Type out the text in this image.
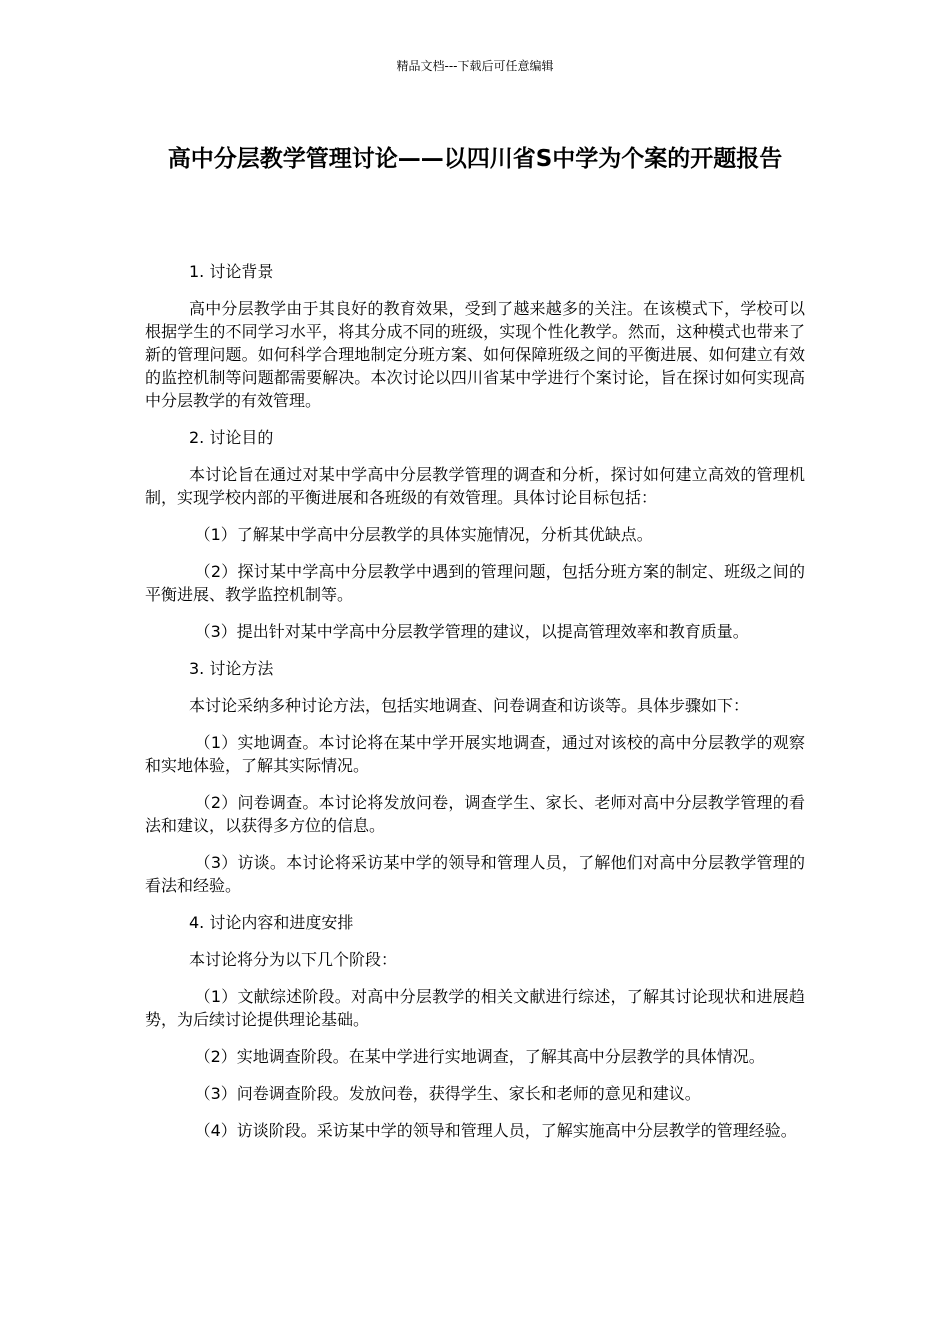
精品文档---下载后可任意编辑
高中分层教学管理讨论——以四川省S中学为个案的开题报告

1. 讨论背景

高中分层教学由于其良好的教育效果，受到了越来越多的关注。在该模式下，学校可以根据学生的不同学习水平，将其分成不同的班级，实现个性化教学。然而，这种模式也带来了新的管理问题。如何科学合理地制定分班方案、如何保障班级之间的平衡进展、如何建立有效的监控机制等问题都需要解决。本次讨论以四川省某中学进行个案讨论，旨在探讨如何实现高中分层教学的有效管理。

2. 讨论目的

本讨论旨在通过对某中学高中分层教学管理的调查和分析，探讨如何建立高效的管理机制，实现学校内部的平衡进展和各班级的有效管理。具体讨论目标包括：

（1）了解某中学高中分层教学的具体实施情况，分析其优缺点。

（2）探讨某中学高中分层教学中遇到的管理问题，包括分班方案的制定、班级之间的平衡进展、教学监控机制等。

（3）提出针对某中学高中分层教学管理的建议，以提高管理效率和教育质量。

3. 讨论方法

本讨论采纳多种讨论方法，包括实地调查、问卷调查和访谈等。具体步骤如下：

（1）实地调查。本讨论将在某中学开展实地调查，通过对该校的高中分层教学的观察和实地体验，了解其实际情况。

（2）问卷调查。本讨论将发放问卷，调查学生、家长、老师对高中分层教学管理的看法和建议，以获得多方位的信息。

（3）访谈。本讨论将采访某中学的领导和管理人员，了解他们对高中分层教学管理的看法和经验。

4. 讨论内容和进度安排

本讨论将分为以下几个阶段：

（1）文献综述阶段。对高中分层教学的相关文献进行综述，了解其讨论现状和进展趋势，为后续讨论提供理论基础。

（2）实地调查阶段。在某中学进行实地调查，了解其高中分层教学的具体情况。

（3）问卷调查阶段。发放问卷，获得学生、家长和老师的意见和建议。

（4）访谈阶段。采访某中学的领导和管理人员，了解实施高中分层教学的管理经验。
